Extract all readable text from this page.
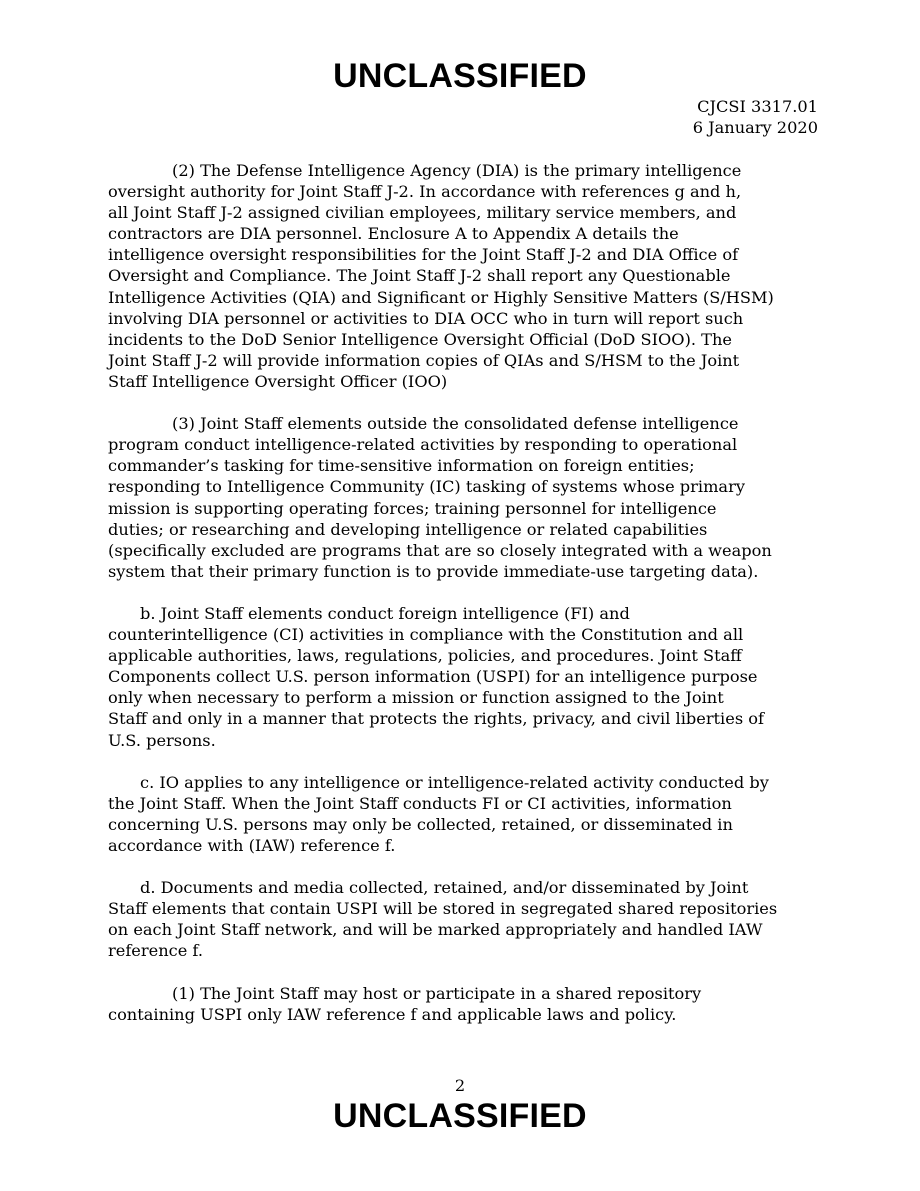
UNCLASSIFIED
CJCSI 3317.01
6 January 2020
(2) The Defense Intelligence Agency (DIA) is the primary intelligence
oversight authority for Joint Staff J-2. In accordance with references g and h,
all Joint Staff J-2 assigned civilian employees, military service members, and
contractors are DIA personnel. Enclosure A to Appendix A details the
intelligence oversight responsibilities for the Joint Staff J-2 and DIA Office of
Oversight and Compliance. The Joint Staff J-2 shall report any Questionable
Intelligence Activities (QIA) and Significant or Highly Sensitive Matters (S/HSM)
involving DIA personnel or activities to DIA OCC who in turn will report such
incidents to the DoD Senior Intelligence Oversight Official (DoD SIOO). The
Joint Staff J-2 will provide information copies of QIAs and S/HSM to the Joint
Staff Intelligence Oversight Officer (IOO)
(3) Joint Staff elements outside the consolidated defense intelligence
program conduct intelligence-related activities by responding to operational
commander’s tasking for time-sensitive information on foreign entities;
responding to Intelligence Community (IC) tasking of systems whose primary
mission is supporting operating forces; training personnel for intelligence
duties; or researching and developing intelligence or related capabilities
(specifically excluded are programs that are so closely integrated with a weapon
system that their primary function is to provide immediate-use targeting data).
b. Joint Staff elements conduct foreign intelligence (FI) and
counterintelligence (CI) activities in compliance with the Constitution and all
applicable authorities, laws, regulations, policies, and procedures. Joint Staff
Components collect U.S. person information (USPI) for an intelligence purpose
only when necessary to perform a mission or function assigned to the Joint
Staff and only in a manner that protects the rights, privacy, and civil liberties of
U.S. persons.
c. IO applies to any intelligence or intelligence-related activity conducted by
the Joint Staff. When the Joint Staff conducts FI or CI activities, information
concerning U.S. persons may only be collected, retained, or disseminated in
accordance with (IAW) reference f.
d. Documents and media collected, retained, and/or disseminated by Joint
Staff elements that contain USPI will be stored in segregated shared repositories
on each Joint Staff network, and will be marked appropriately and handled IAW
reference f.
(1) The Joint Staff may host or participate in a shared repository
containing USPI only IAW reference f and applicable laws and policy.
2
UNCLASSIFIED
